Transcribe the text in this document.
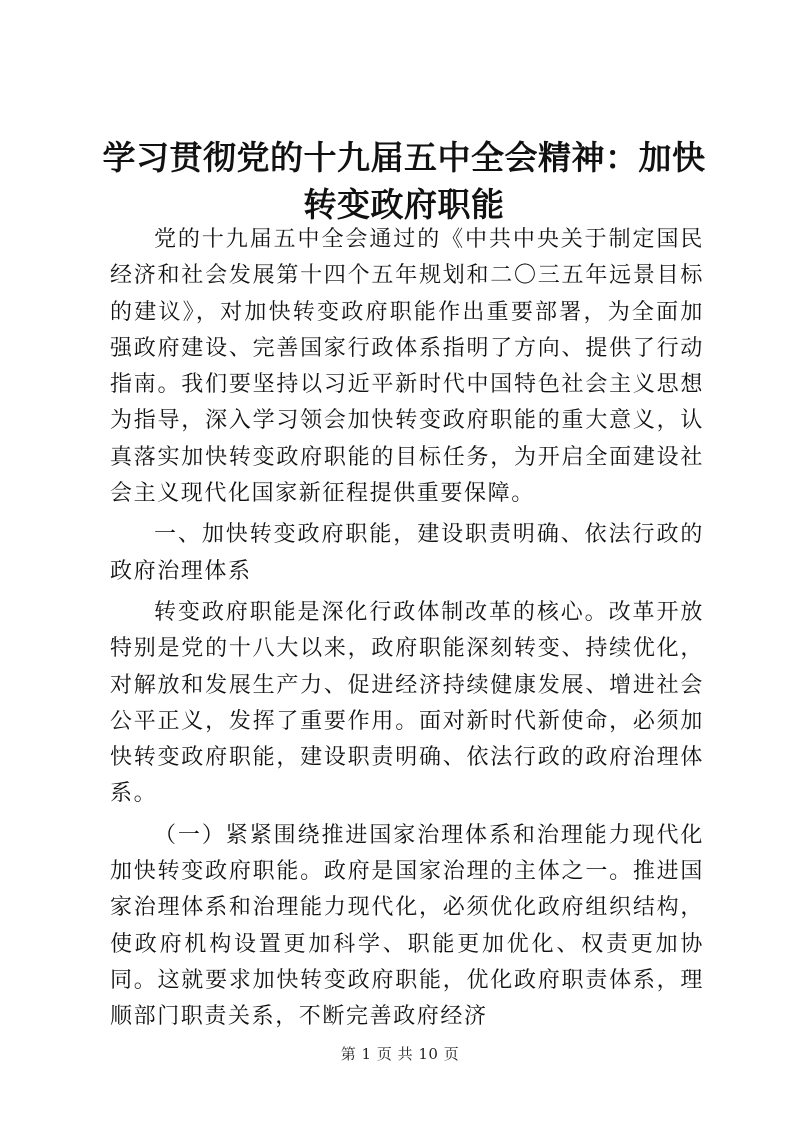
学习贯彻党的十九届五中全会精神：加快转变政府职能

党的十九届五中全会通过的《中共中央关于制定国民经济和社会发展第十四个五年规划和二〇三五年远景目标的建议》，对加快转变政府职能作出重要部署，为全面加强政府建设、完善国家行政体系指明了方向、提供了行动指南。我们要坚持以习近平新时代中国特色社会主义思想为指导，深入学习领会加快转变政府职能的重大意义，认真落实加快转变政府职能的目标任务，为开启全面建设社会主义现代化国家新征程提供重要保障。

一、加快转变政府职能，建设职责明确、依法行政的政府治理体系

转变政府职能是深化行政体制改革的核心。改革开放特别是党的十八大以来，政府职能深刻转变、持续优化，对解放和发展生产力、促进经济持续健康发展、增进社会公平正义，发挥了重要作用。面对新时代新使命，必须加快转变政府职能，建设职责明确、依法行政的政府治理体系。

（一）紧紧围绕推进国家治理体系和治理能力现代化加快转变政府职能。政府是国家治理的主体之一。推进国家治理体系和治理能力现代化，必须优化政府组织结构，使政府机构设置更加科学、职能更加优化、权责更加协同。这就要求加快转变政府职能，优化政府职责体系，理顺部门职责关系，不断完善政府经济

第 1 页 共 10 页
